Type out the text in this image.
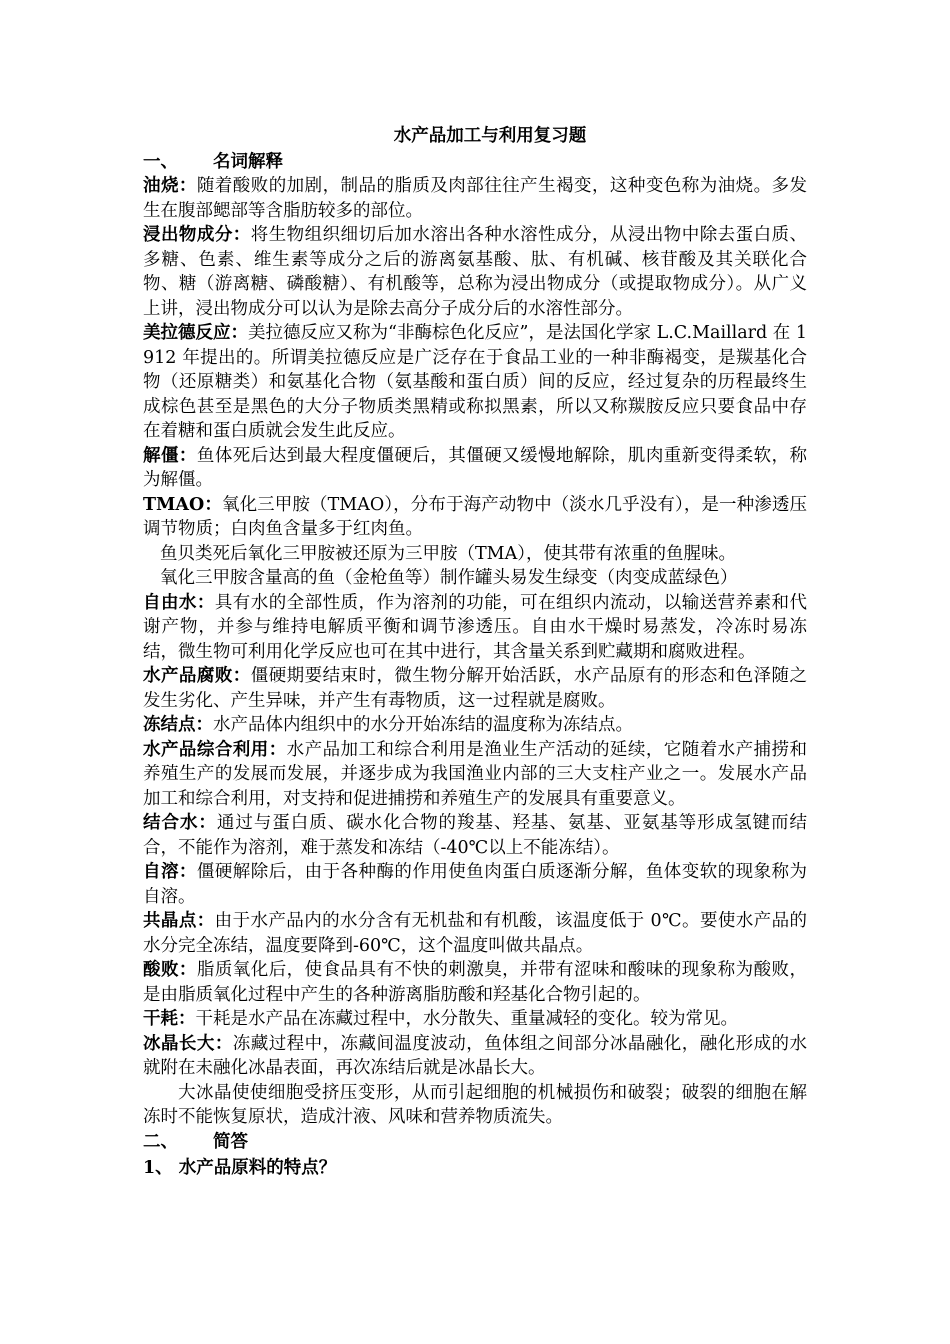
水产品加工与利用复习题

一、 名词解释

油烧：随着酸败的加剧，制品的脂质及肉部往往产生褐变，这种变色称为油烧。多发生在腹部鳃部等含脂肪较多的部位。

浸出物成分：将生物组织细切后加水溶出各种水溶性成分，从浸出物中除去蛋白质、多糖、色素、维生素等成分之后的游离氨基酸、肽、有机碱、核苷酸及其关联化合物、糖（游离糖、磷酸糖）、有机酸等，总称为浸出物成分（或提取物成分）。从广义上讲，浸出物成分可以认为是除去高分子成分后的水溶性部分。

美拉德反应：美拉德反应又称为“非酶棕色化反应”，是法国化学家 L.C.Maillard 在 1912 年提出的。所谓美拉德反应是广泛存在于食品工业的一种非酶褐变，是羰基化合物（还原糖类）和氨基化合物（氨基酸和蛋白质）间的反应，经过复杂的历程最终生成棕色甚至是黑色的大分子物质类黑精或称拟黑素，所以又称羰胺反应只要食品中存在着糖和蛋白质就会发生此反应。

解僵：鱼体死后达到最大程度僵硬后，其僵硬又缓慢地解除，肌肉重新变得柔软，称为解僵。

TMAO：氧化三甲胺（TMAO），分布于海产动物中（淡水几乎没有），是一种渗透压调节物质；白肉鱼含量多于红肉鱼。

鱼贝类死后氧化三甲胺被还原为三甲胺（TMA），使其带有浓重的鱼腥味。

氧化三甲胺含量高的鱼（金枪鱼等）制作罐头易发生绿变（肉变成蓝绿色）

自由水：具有水的全部性质，作为溶剂的功能，可在组织内流动，以输送营养素和代谢产物，并参与维持电解质平衡和调节渗透压。自由水干燥时易蒸发，冷冻时易冻结，微生物可利用化学反应也可在其中进行，其含量关系到贮藏期和腐败进程。

水产品腐败：僵硬期要结束时，微生物分解开始活跃，水产品原有的形态和色泽随之发生劣化、产生异味，并产生有毒物质，这一过程就是腐败。

冻结点：水产品体内组织中的水分开始冻结的温度称为冻结点。

水产品综合利用：水产品加工和综合利用是渔业生产活动的延续，它随着水产捕捞和养殖生产的发展而发展，并逐步成为我国渔业内部的三大支柱产业之一。发展水产品加工和综合利用，对支持和促进捕捞和养殖生产的发展具有重要意义。

结合水：通过与蛋白质、碳水化合物的羧基、羟基、氨基、亚氨基等形成氢键而结合，不能作为溶剂，难于蒸发和冻结（-40℃以上不能冻结）。

自溶：僵硬解除后，由于各种酶的作用使鱼肉蛋白质逐渐分解，鱼体变软的现象称为自溶。

共晶点：由于水产品内的水分含有无机盐和有机酸，该温度低于 0℃。要使水产品的水分完全冻结，温度要降到-60℃，这个温度叫做共晶点。

酸败：脂质氧化后，使食品具有不快的刺激臭，并带有涩味和酸味的现象称为酸败，是由脂质氧化过程中产生的各种游离脂肪酸和羟基化合物引起的。

干耗：干耗是水产品在冻藏过程中，水分散失、重量减轻的变化。较为常见。

冰晶长大：冻藏过程中，冻藏间温度波动，鱼体组之间部分冰晶融化，融化形成的水就附在未融化冰晶表面，再次冻结后就是冰晶长大。

大冰晶使使细胞受挤压变形，从而引起细胞的机械损伤和破裂；破裂的细胞在解冻时不能恢复原状，造成汁液、风味和营养物质流失。

二、 简答

1、 水产品原料的特点？
